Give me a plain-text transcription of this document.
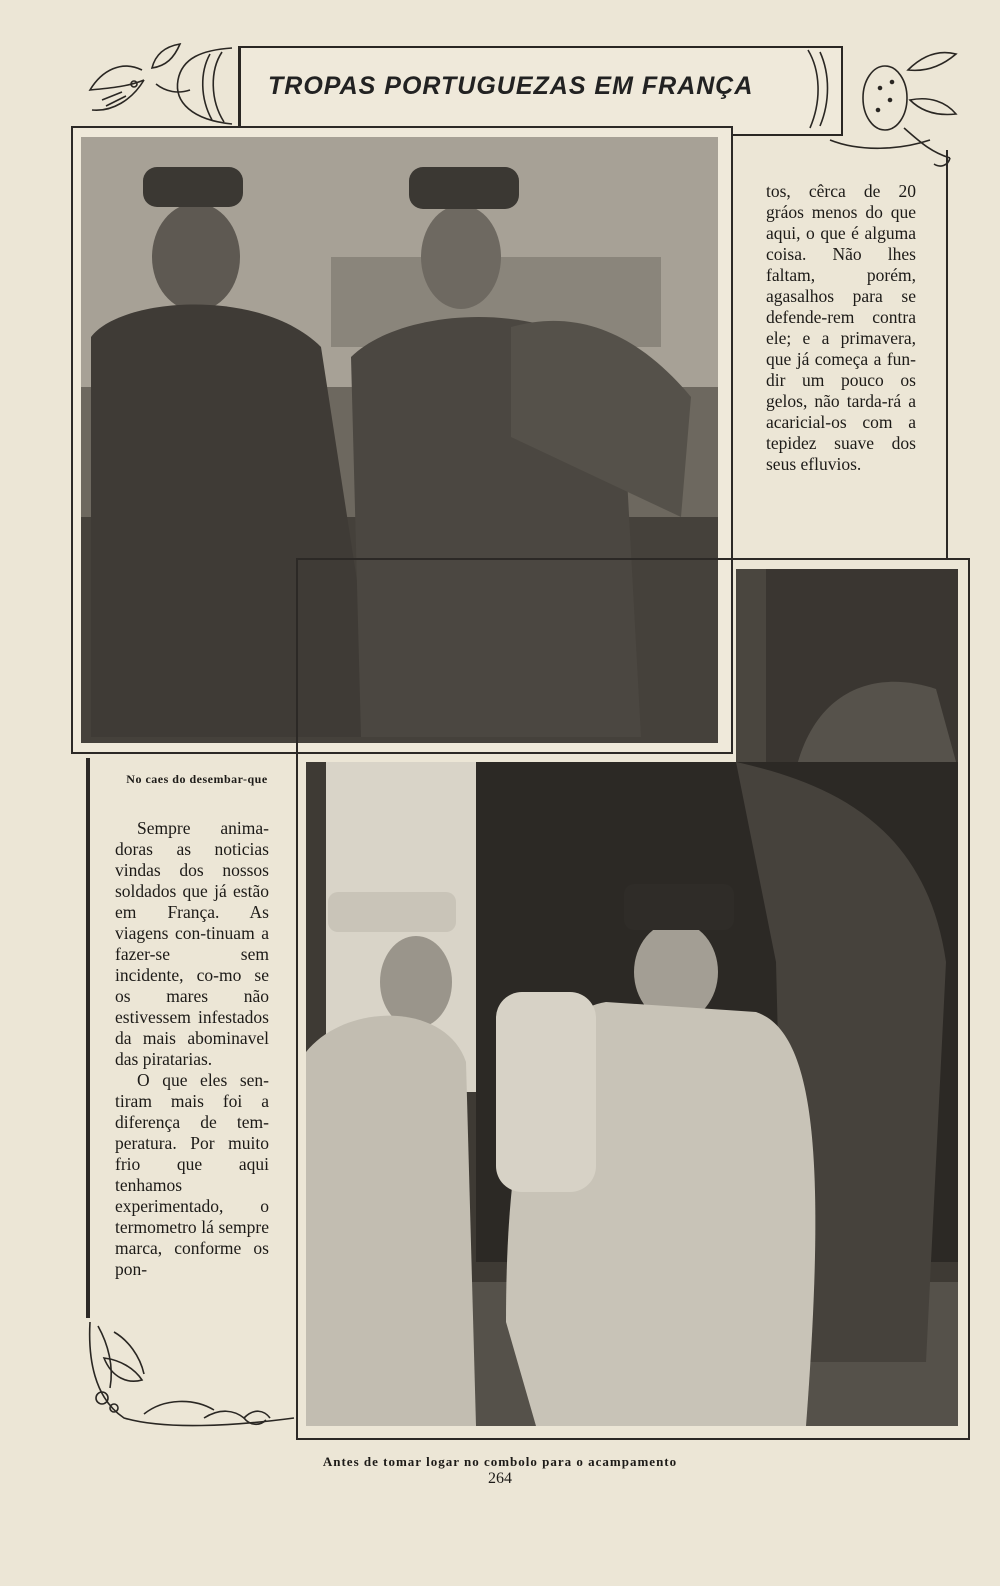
TROPAS PORTUGUEZAS EM FRANÇA

tos, cêrca de 20 gráos menos do que aqui, o que é alguma coisa. Não lhes faltam, porém, agasalhos para se defende-rem contra ele; e a primavera, que já começa a fun-dir um pouco os gelos, não tarda-rá a acaricial-os com a tepidez suave dos seus efluvios.

No caes do desembar-que

Sempre anima-doras as noticias vindas dos nossos soldados que já estão em França. As viagens con-tinuam a fazer-se sem incidente, co-mo se os mares não estivessem infestados da mais abominavel das piratarias.

O que eles sen-tiram mais foi a diferença de tem-peratura. Por muito frio que aqui tenhamos experimentado, o termometro lá sempre marca, conforme os pon-

Antes de tomar logar no combolo para o acampamento
264
